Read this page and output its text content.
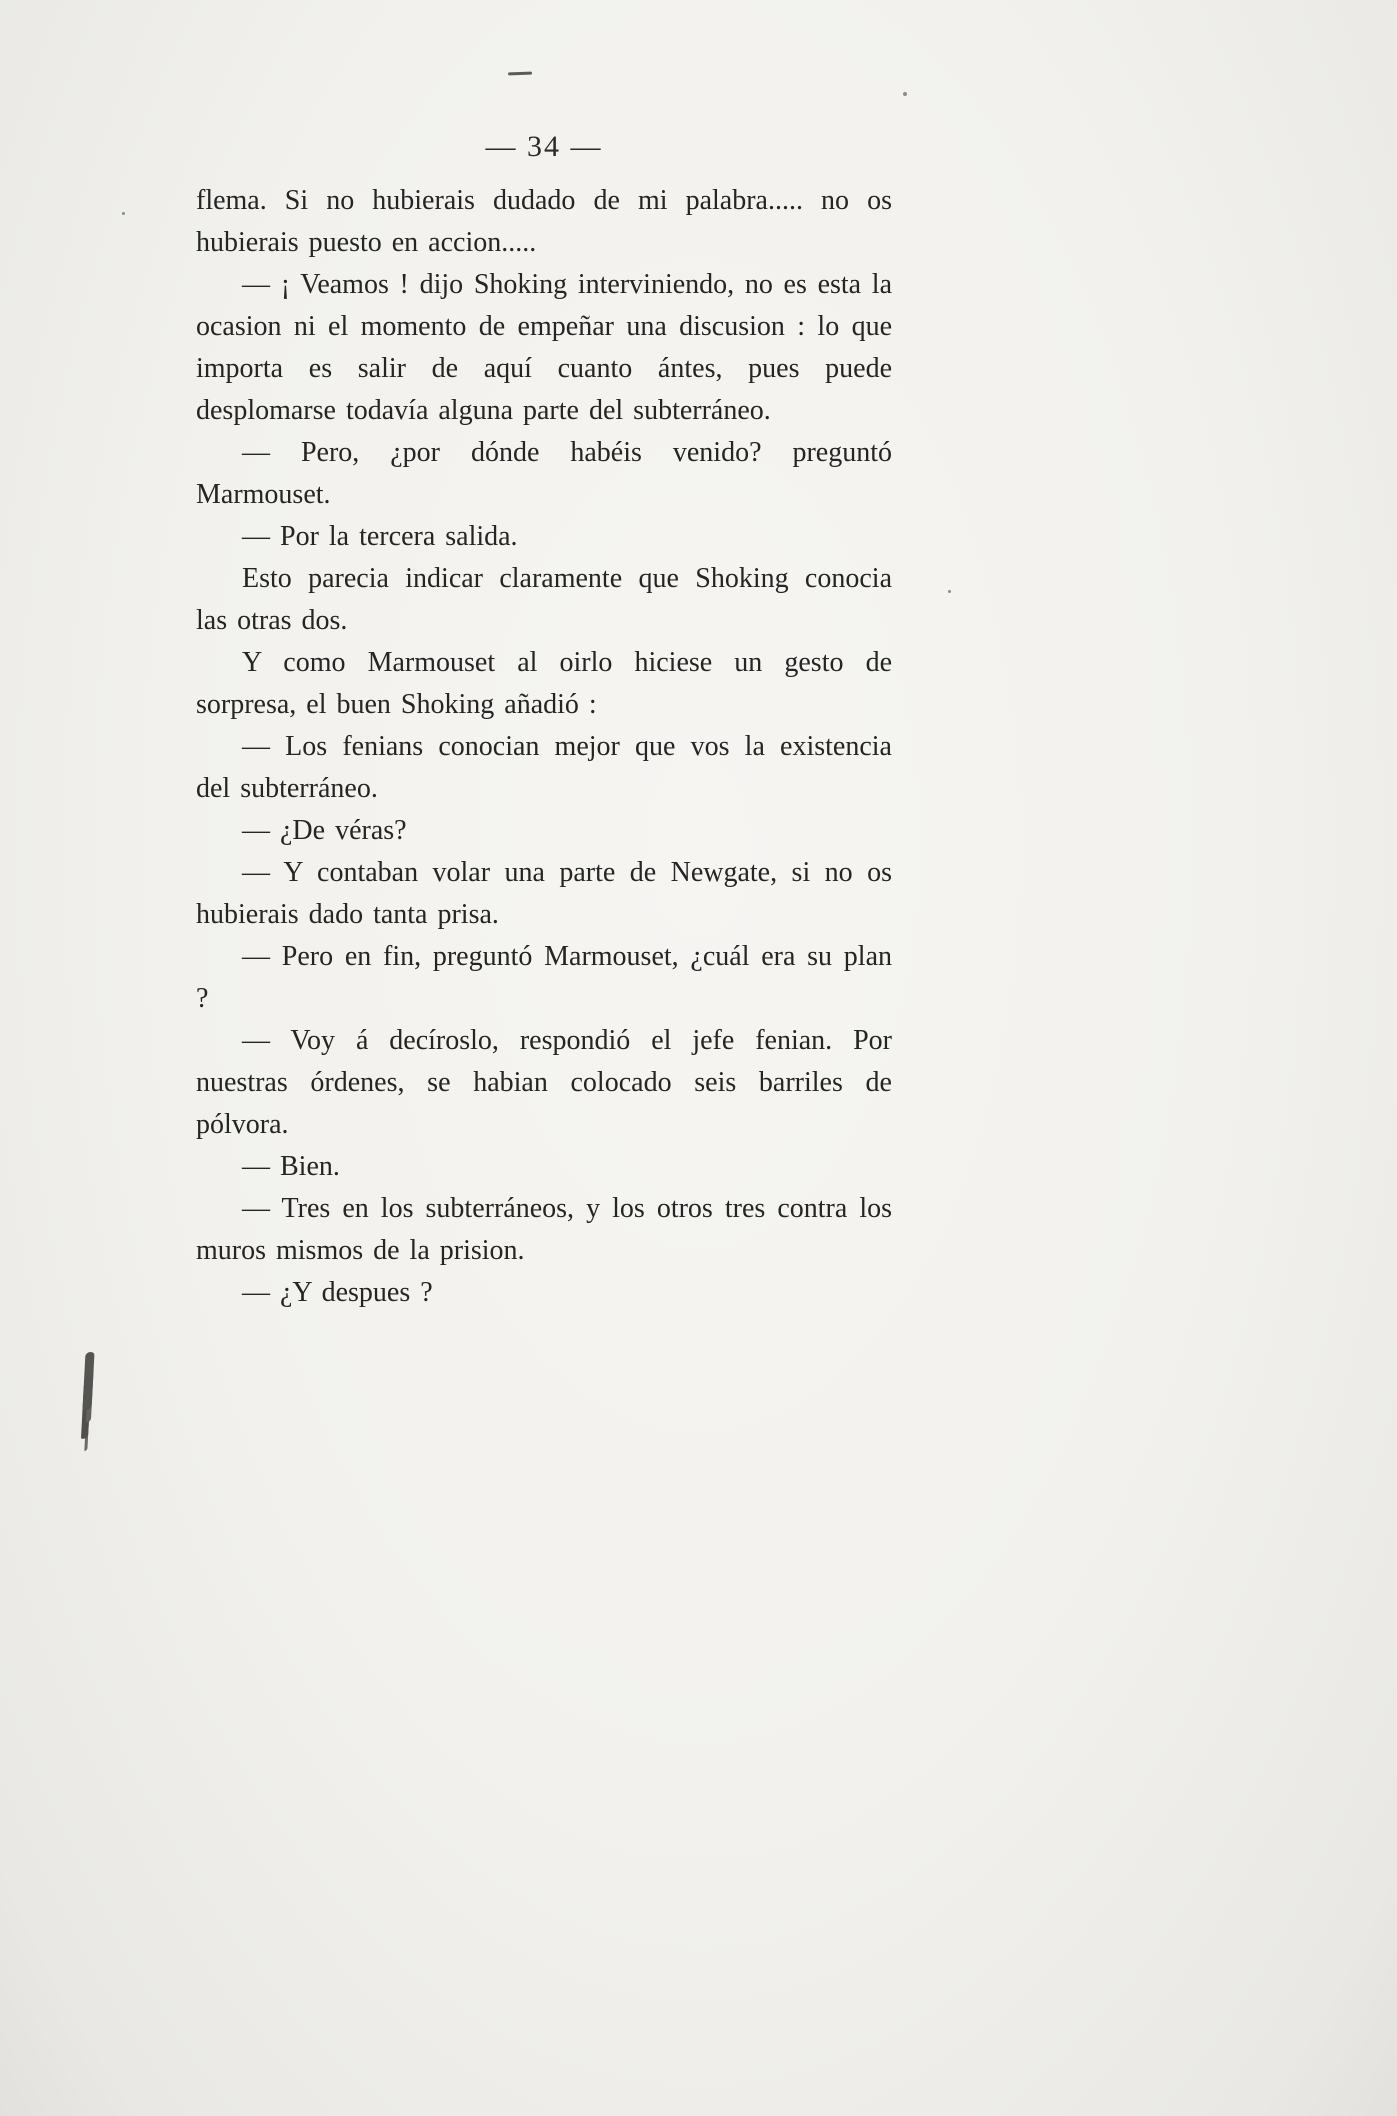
— 34 —

flema. Si no hubierais dudado de mi palabra..... no os hubierais puesto en accion.....

— ¡ Veamos ! dijo Shoking interviniendo, no es esta la ocasion ni el momento de empeñar una discusion : lo que importa es salir de aquí cuanto ántes, pues puede desplomarse todavía alguna parte del subterráneo.

— Pero, ¿por dónde habéis venido? preguntó Marmouset.

— Por la tercera salida.

Esto parecia indicar claramente que Shoking conocia las otras dos.

Y como Marmouset al oirlo hiciese un gesto de sorpresa, el buen Shoking añadió :

— Los fenians conocian mejor que vos la existencia del subterráneo.

— ¿De véras?

— Y contaban volar una parte de Newgate, si no os hubierais dado tanta prisa.

— Pero en fin, preguntó Marmouset, ¿cuál era su plan ?

— Voy á decíroslo, respondió el jefe fenian. Por nuestras órdenes, se habian colocado seis barriles de pólvora.

— Bien.

— Tres en los subterráneos, y los otros tres contra los muros mismos de la prision.

— ¿Y despues ?
